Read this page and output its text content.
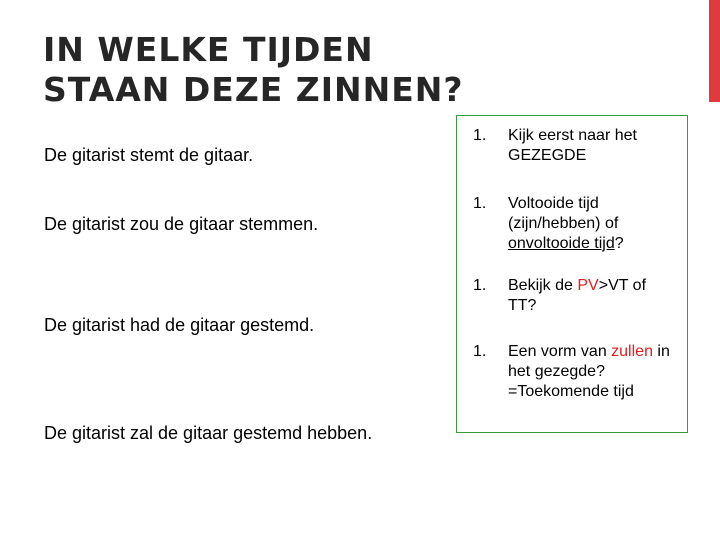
IN WELKE TIJDEN
STAAN DEZE ZINNEN?
De gitarist stemt de gitaar.
De gitarist zou de gitaar stemmen.
De gitarist had de gitaar gestemd.
De gitarist zal de gitaar gestemd hebben.
1. Kijk eerst naar het GEZEGDE
1. Voltooide tijd (zijn/hebben) of onvoltooide tijd?
1. Bekijk de PV>VT of TT?
1. Een vorm van zullen in het gezegde?=Toekomende tijd
